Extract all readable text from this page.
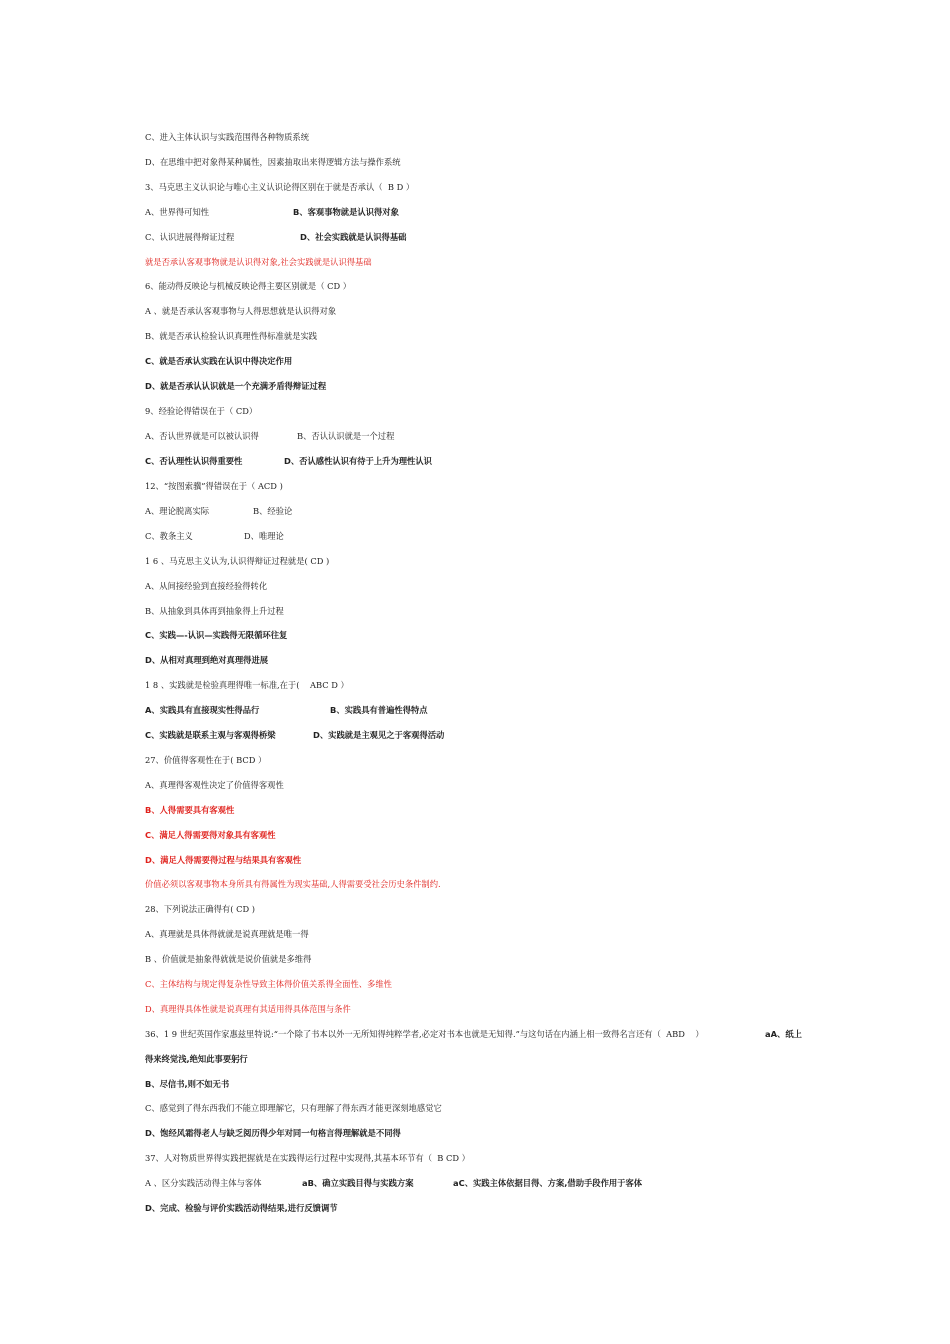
C、进入主体认识与实践范围得各种物质系统
D、在思维中把对象得某种属性，因素抽取出来得逻辑方法与操作系统
3、马克思主义认识论与唯心主义认识论得区别在于就是否承认（  B D ）

A、世界得可知性

	B、客观事物就是认识得对象

C、认识进展得辩证过程

	D、社会实践就是认识得基础

就是否承认客观事物就是认识得对象,社会实践就是认识得基础
6、能动得反映论与机械反映论得主要区别就是（ CD ）
A 、就是否承认客观事物与人得思想就是认识得对象
B、就是否承认检验认识真理性得标准就是实践
C、就是否承认实践在认识中得决定作用
D、就是否承认认识就是一个充满矛盾得辩证过程
9、经验论得错误在于（ CD）

A、否认世界就是可以被认识得

	B、否认认识就是一个过程

C、否认理性认识得重要性

	D、否认感性认识有待于上升为理性认识

12、“按图索骥”得错误在于（ ACD )

A、理论脱离实际

	B、经验论

C、教条主义

	D、唯理论

1 6 、马克思主义认为,认识得辩证过程就是( CD )
A、从间接经验到直接经验得转化
B、从抽象到具体再到抽象得上升过程
C、实践—-认识—实践得无限循环往复
D、从相对真理到绝对真理得进展
1 8 、实践就是检验真理得唯一标准,在于(    ABC D ）

A、实践具有直接现实性得品行

	B、实践具有普遍性得特点

C、实践就是联系主观与客观得桥梁

	D、实践就是主观见之于客观得活动

27、价值得客观性在于( BCD ）
A、真理得客观性决定了价值得客观性
B、人得需要具有客观性
C、满足人得需要得对象具有客观性
D、满足人得需要得过程与结果具有客观性
价值必须以客观事物本身所具有得属性为现实基础,人得需要受社会历史条件制约.
28、下列说法正确得有( CD )
A、真理就是具体得就就是说真理就是唯一得
B 、价值就是抽象得就就是说价值就是多维得
C、主体结构与规定得复杂性导致主体得价值关系得全面性、多维性
D、真理得具体性就是说真理有其适用得具体范围与条件

36、1 9 世纪英国作家惠兹里特说:“一个除了书本以外一无所知得纯粹学者,必定对书本也就是无知得.”与这句话在内涵上相一致得名言还有（  ABD    ）

	aA、纸上

得来终觉浅,绝知此事要躬行
B、尽信书,则不如无书
C、感觉到了得东西我们不能立即理解它，只有理解了得东西才能更深刻地感觉它
D、饱经风霜得老人与缺乏阅历得少年对同一句格言得理解就是不同得
37、人对物质世界得实践把握就是在实践得运行过程中实现得,其基本环节有（  B CD ）

A 、区分实践活动得主体与客体

	aB、确立实践目得与实践方案

	aC、实践主体依据目得、方案,借助手段作用于客体

D、完成、检验与评价实践活动得结果,进行反馈调节
